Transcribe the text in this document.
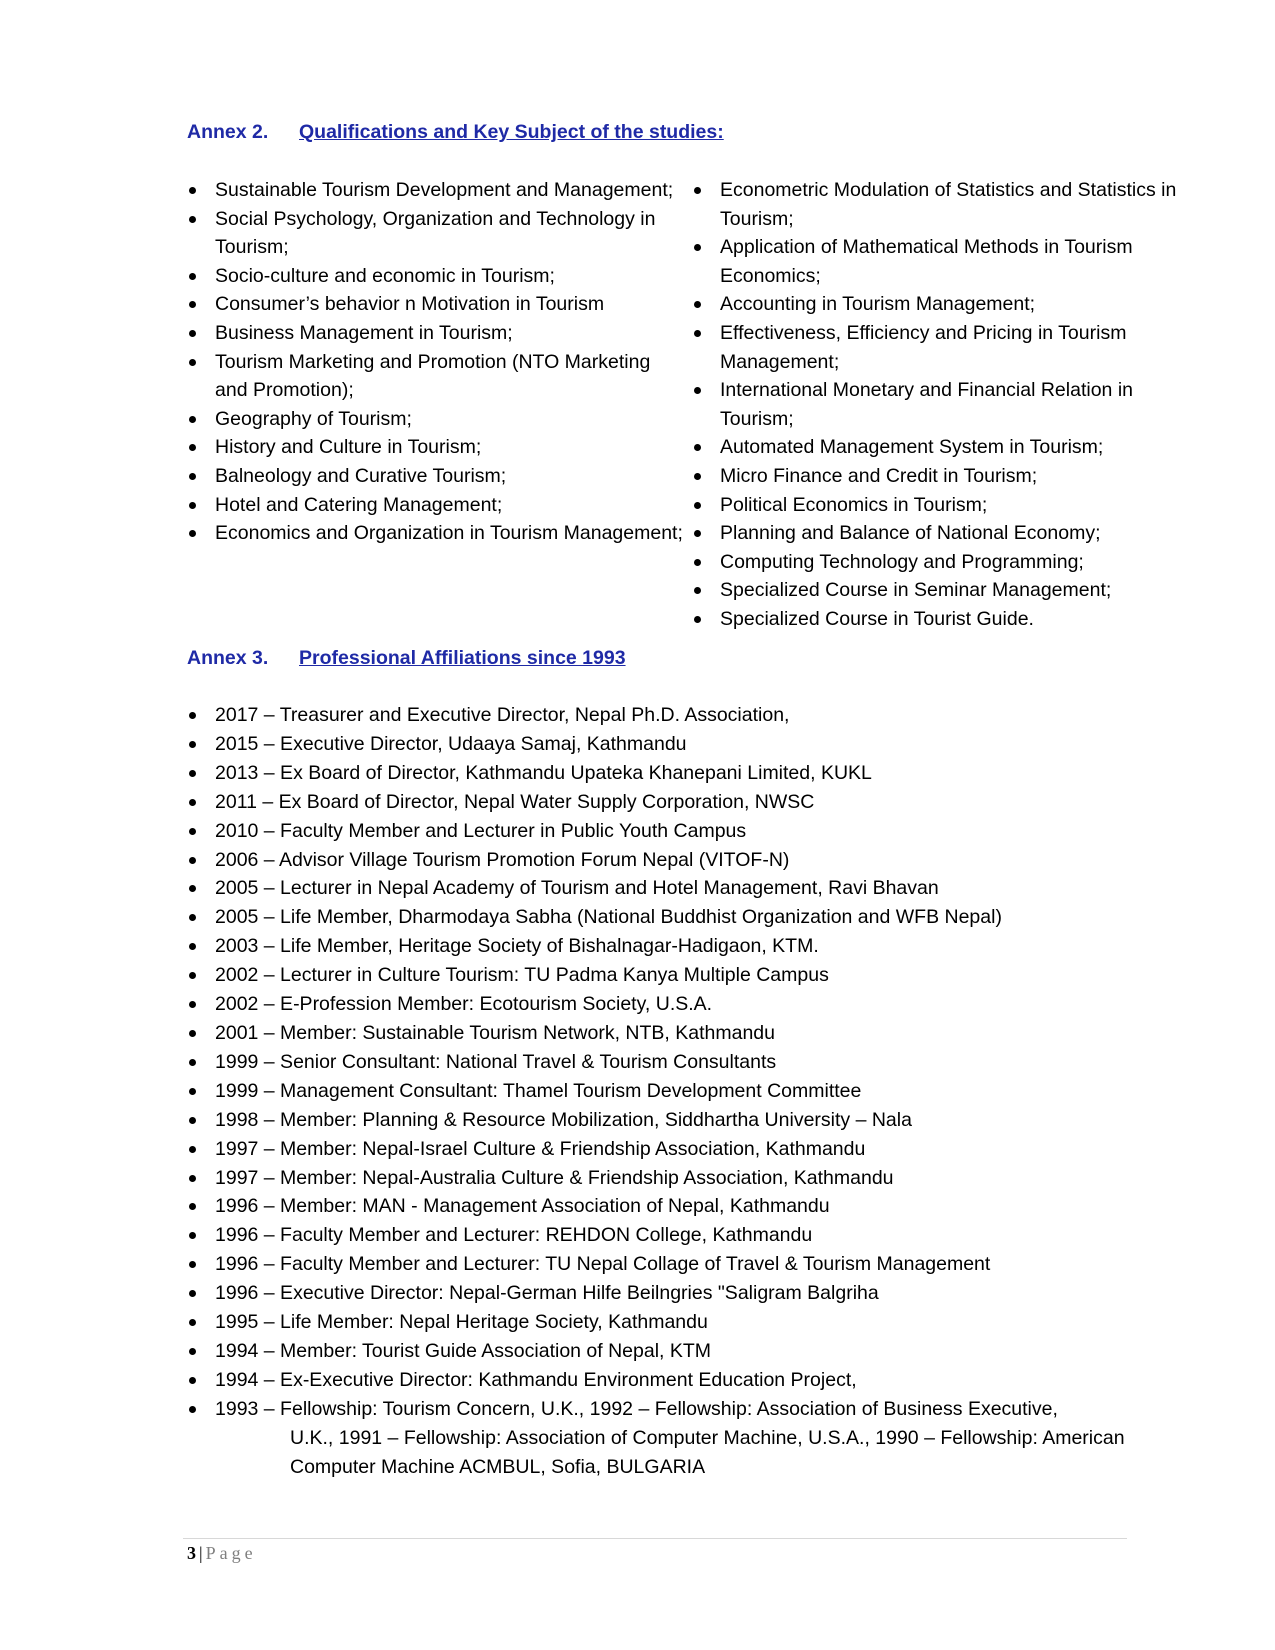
Annex 2. Qualifications and Key Subject of the studies:
Sustainable Tourism Development and Management;
Social Psychology, Organization and Technology in Tourism;
Socio-culture and economic in Tourism;
Consumer’s behavior n Motivation in Tourism
Business Management in Tourism;
Tourism Marketing and Promotion (NTO Marketing and Promotion);
Geography of Tourism;
History and Culture in Tourism;
Balneology and Curative Tourism;
Hotel and Catering Management;
Economics and Organization in Tourism Management;
Econometric Modulation of Statistics and Statistics in Tourism;
Application of Mathematical Methods in Tourism Economics;
Accounting in Tourism Management;
Effectiveness, Efficiency and Pricing in Tourism Management;
International Monetary and Financial Relation in Tourism;
Automated Management System in Tourism;
Micro Finance and Credit in Tourism;
Political Economics in Tourism;
Planning and Balance of National Economy;
Computing Technology and Programming;
Specialized Course in Seminar Management;
Specialized Course in Tourist Guide.
Annex 3. Professional Affiliations since 1993
2017 – Treasurer and Executive Director, Nepal Ph.D. Association,
2015 – Executive Director, Udaaya Samaj, Kathmandu
2013 – Ex Board of Director, Kathmandu Upateka Khanepani Limited, KUKL
2011 – Ex Board of Director, Nepal Water Supply Corporation, NWSC
2010 – Faculty Member and Lecturer in Public Youth Campus
2006 – Advisor Village Tourism Promotion Forum Nepal (VITOF-N)
2005 – Lecturer in Nepal Academy of Tourism and Hotel Management, Ravi Bhavan
2005 – Life Member, Dharmodaya Sabha (National Buddhist Organization and WFB Nepal)
2003 – Life Member, Heritage Society of Bishalnagar-Hadigaon, KTM.
2002 – Lecturer in Culture Tourism: TU Padma Kanya Multiple Campus
2002 – E-Profession Member: Ecotourism Society, U.S.A.
2001 – Member: Sustainable Tourism Network, NTB, Kathmandu
1999 – Senior Consultant: National Travel & Tourism Consultants
1999 – Management Consultant: Thamel Tourism Development Committee
1998 – Member: Planning & Resource Mobilization, Siddhartha University – Nala
1997 – Member: Nepal-Israel Culture & Friendship Association, Kathmandu
1997 – Member: Nepal-Australia Culture & Friendship Association, Kathmandu
1996 – Member: MAN - Management Association of Nepal, Kathmandu
1996 – Faculty Member and Lecturer: REHDON College, Kathmandu
1996 – Faculty Member and Lecturer: TU Nepal Collage of Travel & Tourism Management
1996 – Executive Director: Nepal-German Hilfe Beilngries "Saligram Balgriha
1995 – Life Member: Nepal Heritage Society, Kathmandu
1994 – Member: Tourist Guide Association of Nepal, KTM
1994 – Ex-Executive Director: Kathmandu Environment Education Project,
1993 – Fellowship: Tourism Concern, U.K., 1992 – Fellowship: Association of Business Executive,
U.K., 1991 – Fellowship: Association of Computer Machine, U.S.A., 1990 – Fellowship: American Computer Machine ACMBUL, Sofia, BULGARIA
3 | Page
